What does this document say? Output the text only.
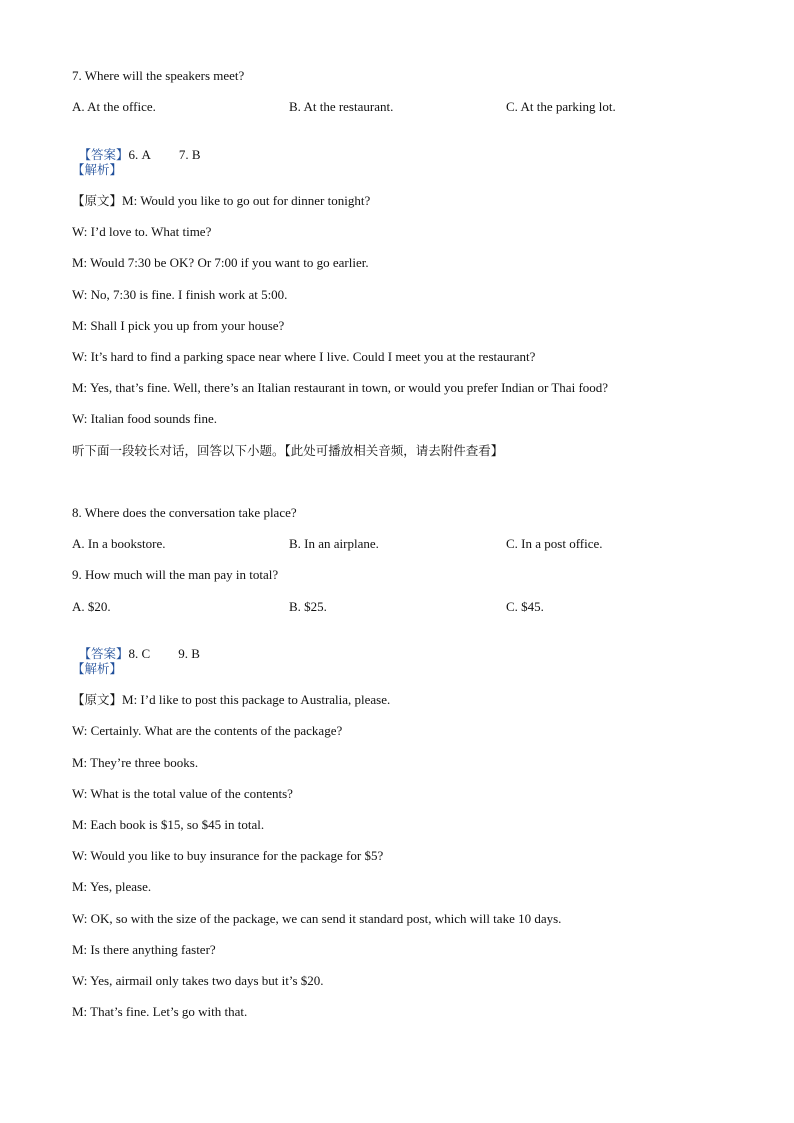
7. Where will the speakers meet?
A. At the office.	B. At the restaurant.	C. At the parking lot.

【答案】6. A 7. B

【解析】
【原文】M: Would you like to go out for dinner tonight?
W: I’d love to. What time?
M: Would 7:30 be OK? Or 7:00 if you want to go earlier.
W: No, 7:30 is fine. I finish work at 5:00.
M: Shall I pick you up from your house?
W: It’s hard to find a parking space near where I live. Could I meet you at the restaurant?
M: Yes, that’s fine. Well, there’s an Italian restaurant in town, or would you prefer Indian or Thai food?
W: Italian food sounds fine.
听下面一段较长对话，回答以下小题。【此处可播放相关音频，请去附件查看】
8. Where does the conversation take place?
A. In a bookstore.	B. In an airplane.	C. In a post office.
9. How much will the man pay in total?
A. $20.	B. $25.	C. $45.

【答案】8. C 9. B

【解析】
【原文】M: I’d like to post this package to Australia, please.
W: Certainly. What are the contents of the package?
M: They’re three books.
W: What is the total value of the contents?
M: Each book is $15, so $45 in total.
W: Would you like to buy insurance for the package for $5?
M: Yes, please.
W: OK, so with the size of the package, we can send it standard post, which will take 10 days.
M: Is there anything faster?
W: Yes, airmail only takes two days but it’s $20.
M: That’s fine. Let’s go with that.
